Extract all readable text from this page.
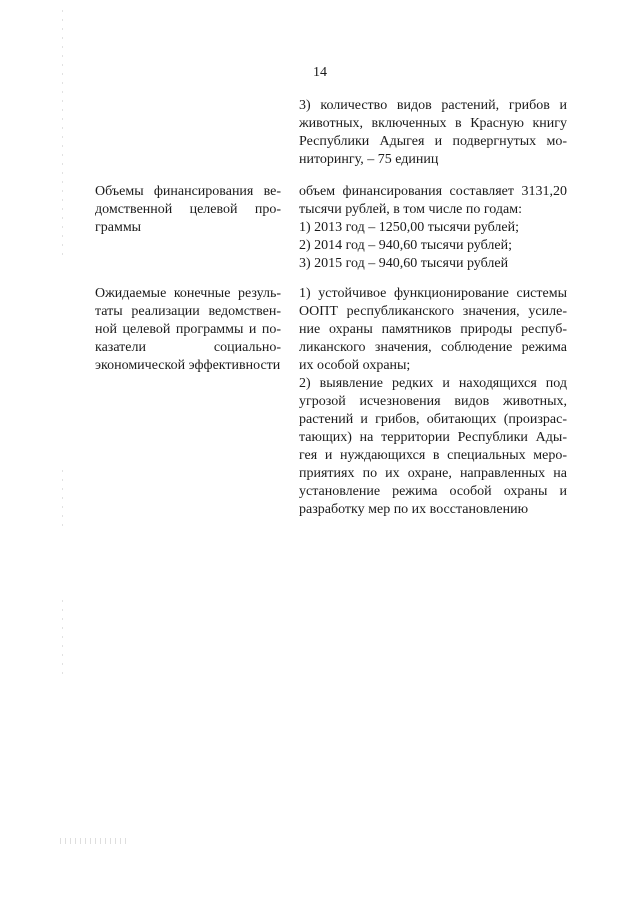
14
3) количество видов растений, грибов и
животных, включенных в Красную книгу
Республики Адыгея и подвергнутых мо-
ниторингу, – 75 единиц
Объемы финансирования ве-
домственной целевой про-
граммы
объем финансирования составляет 3131,20
тысячи рублей, в том числе по годам:
1) 2013 год – 1250,00 тысячи рублей;
2) 2014 год – 940,60 тысячи рублей;
3) 2015 год – 940,60 тысячи рублей
Ожидаемые конечные резуль-
таты реализации ведомствен-
ной целевой программы и по-
казатели социально-
экономической эффективности
1) устойчивое функционирование системы
ООПТ республиканского значения, усиле-
ние охраны памятников природы респуб-
ликанского значения, соблюдение режима
их особой охраны;
2) выявление редких и находящихся под
угрозой исчезновения видов животных,
растений и грибов, обитающих (произрас-
тающих) на территории Республики Ады-
гея и нуждающихся в специальных меро-
приятиях по их охране, направленных на
установление режима особой охраны и
разработку мер по их восстановлению
